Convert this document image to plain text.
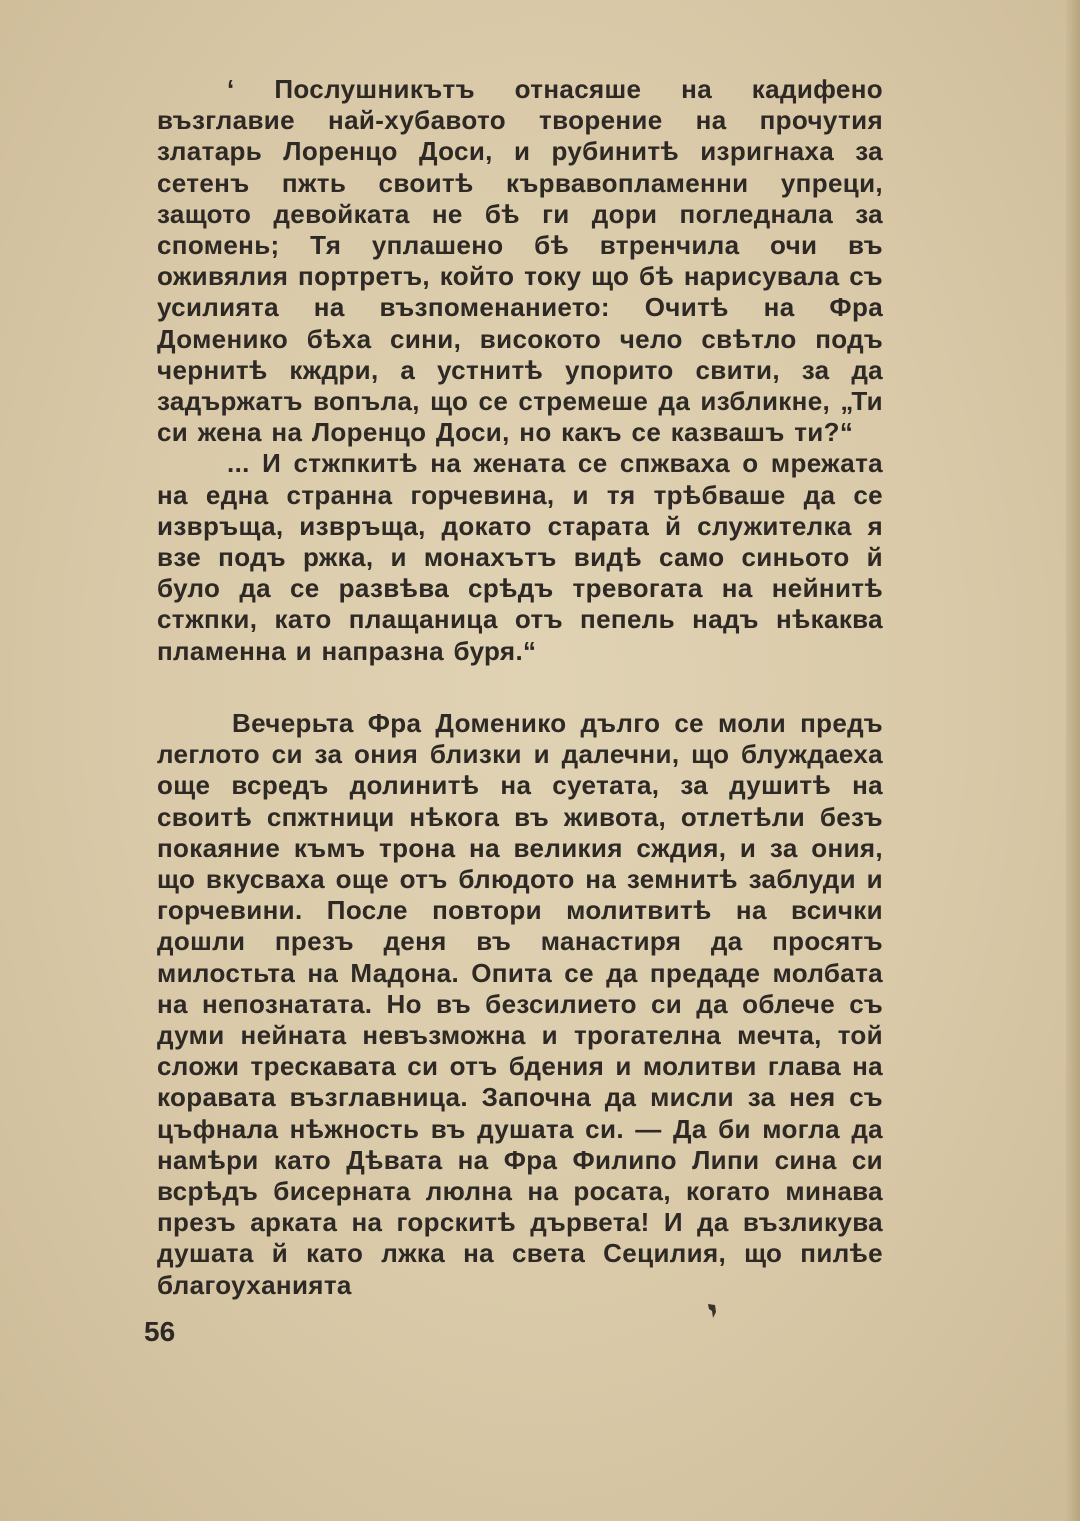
‘ Послушникътъ отнасяше на кадифено възглавие най-хубавото творение на прочутия златарь Лоренцо Доси, и рубинитѣ изригнаха за сетенъ пжть своитѣ кървавопламенни упреци, защото девойката не бѣ ги дори погледнала за спомень; Тя уплашено бѣ втренчила очи въ оживялия портретъ, който току що бѣ нарисувала съ усилията на възпоменанието: Очитѣ на Фра Доменико бѣха сини, високото чело свѣтло подъ чернитѣ кждри, а устнитѣ упорито свити, за да задържатъ вопъла, що се стремеше да избликне, „Ти си жена на Лоренцо Доси, но какъ се казвашъ ти?“

... И стжпкитѣ на жената се спжваха о мрежата на една странна горчевина, и тя трѣбваше да се извръща, извръща, докато старата й служителка я взе подъ ржка, и монахътъ видѣ само синьото й було да се развѣва срѣдъ тревогата на нейнитѣ стжпки, като плащаница отъ пепель надъ нѣкаква пламенна и напразна буря.“

Вечерьта Фра Доменико дълго се моли предъ леглото си за ония близки и далечни, що блуждаеха още всредъ долинитѣ на суетата, за душитѣ на своитѣ спжтници нѣкога въ живота, отлетѣли безъ покаяние къмъ трона на великия сждия, и за ония, що вкусваха още отъ блюдото на земнитѣ заблуди и горчевини. После повтори молитвитѣ на всички дошли презъ деня въ манастиря да просятъ милостьта на Мадона. Опита се да предаде молбата на непознатата. Но въ безсилието си да облече съ думи нейната невъзможна и трогателна мечта, той сложи трескавата си отъ бдения и молитви глава на коравата възглавница. Започна да мисли за нея съ цъфнала нѣжность въ душата си. — Да би могла да намѣри като Дѣвата на Фра Филипо Липи сина си всрѣдъ бисерната люлна на росата, когато минава презъ арката на горскитѣ дървета! И да възликува душата й като лжка на света Сецилия, що пилѣе благоуханията

56
